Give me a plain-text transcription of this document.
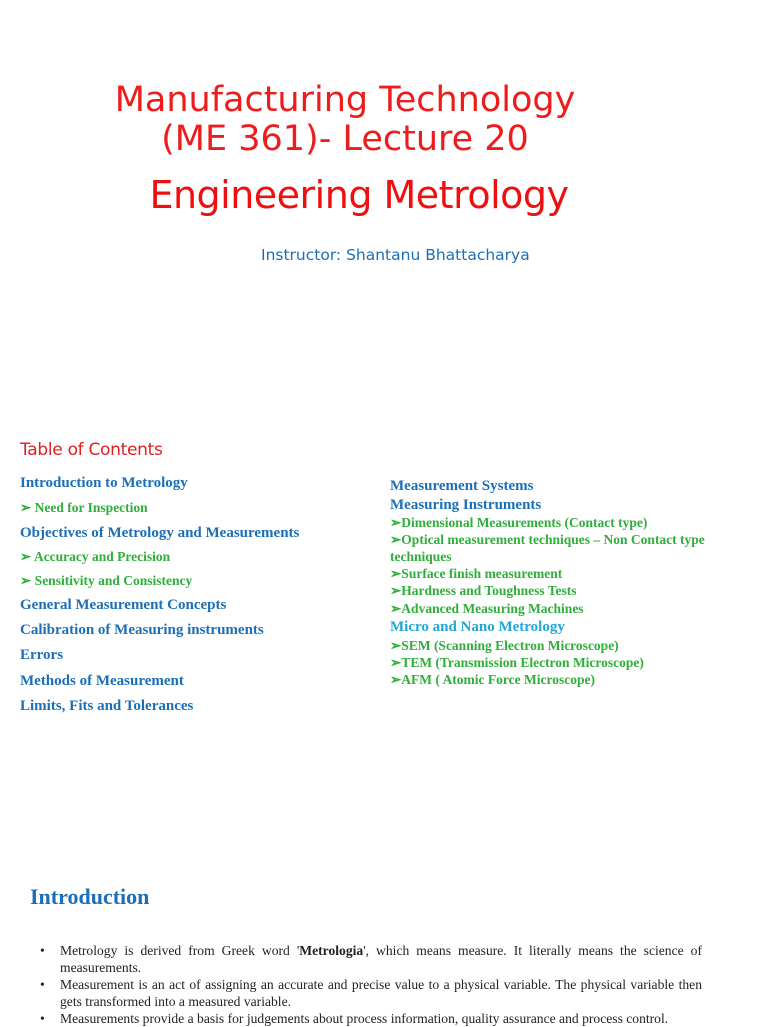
Manufacturing Technology
(ME 361)- Lecture 20
Engineering Metrology
Instructor: Shantanu Bhattacharya
Table of Contents
Introduction to Metrology
➢ Need for Inspection
Objectives of Metrology and Measurements
➢ Accuracy and Precision
➢ Sensitivity and Consistency
General Measurement Concepts
Calibration of Measuring instruments
Errors
Methods of Measurement
Limits, Fits and Tolerances
Measurement Systems
Measuring Instruments
➢Dimensional Measurements (Contact type)
➢Optical measurement techniques – Non Contact type
techniques
➢Surface finish measurement
➢Hardness and Toughness Tests
➢Advanced Measuring Machines
Micro and Nano Metrology
➢SEM (Scanning Electron Microscope)
➢TEM (Transmission Electron Microscope)
➢AFM ( Atomic Force Microscope)
Introduction
• Metrology is derived from Greek word 'Metrologia', which means measure. It literally means the science of measurements.
• Measurement is an act of assigning an accurate and precise value to a physical variable. The physical variable then gets transformed into a measured variable.
• Measurements provide a basis for judgements about process information, quality assurance and process control.
